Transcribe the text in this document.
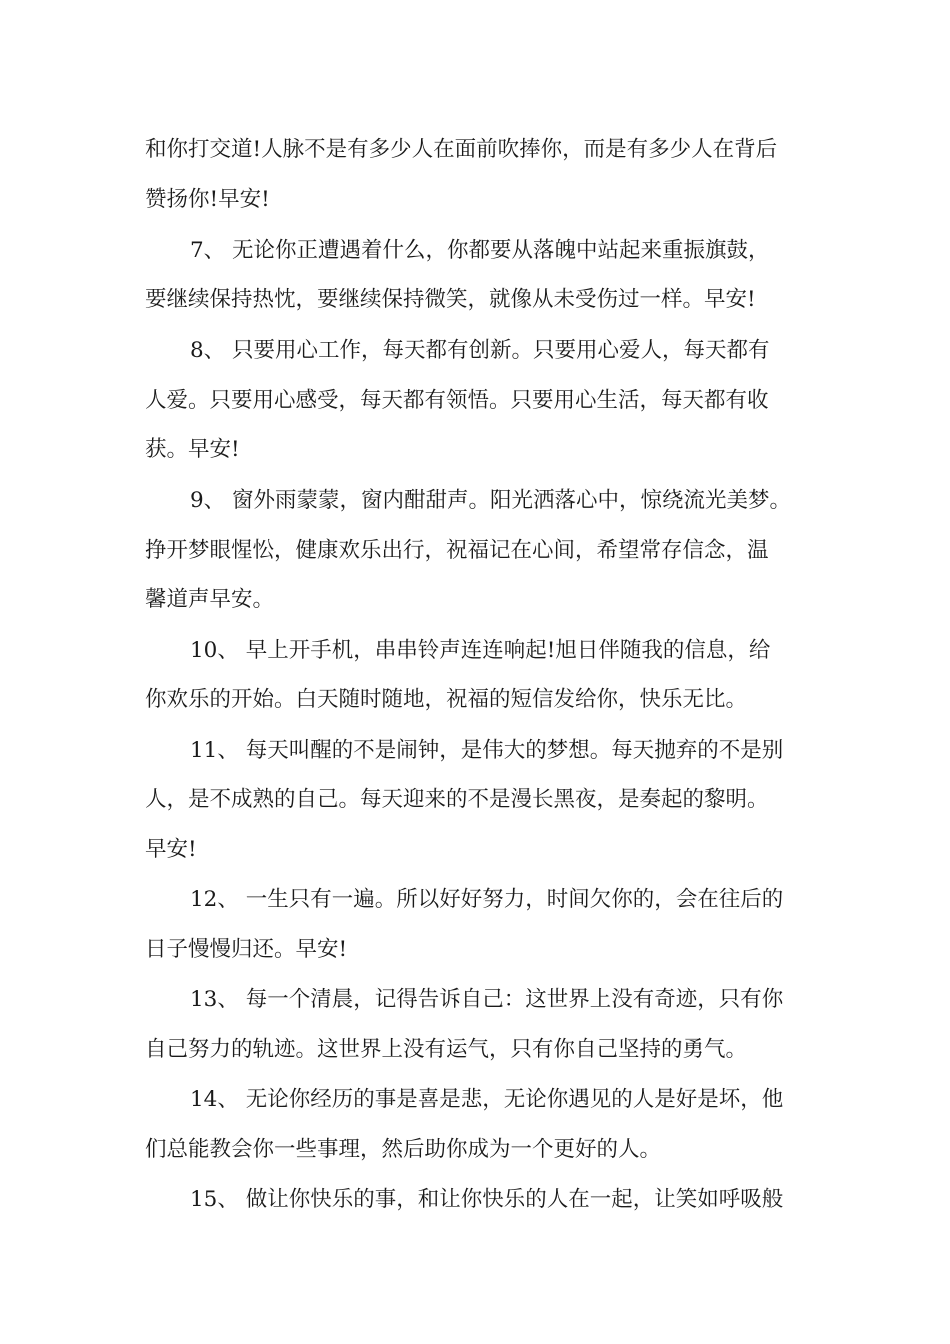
和你打交道!人脉不是有多少人在面前吹捧你，而是有多少人在背后
赞扬你!早安!
7、 无论你正遭遇着什么，你都要从落魄中站起来重振旗鼓，
要继续保持热忱，要继续保持微笑，就像从未受伤过一样。早安!
8、 只要用心工作，每天都有创新。只要用心爱人，每天都有
人爱。只要用心感受，每天都有领悟。只要用心生活，每天都有收
获。早安!
9、 窗外雨蒙蒙，窗内酣甜声。阳光洒落心中，惊绕流光美梦。
挣开梦眼惺忪，健康欢乐出行，祝福记在心间，希望常存信念，温
馨道声早安。
10、 早上开手机，串串铃声连连响起!旭日伴随我的信息，给
你欢乐的开始。白天随时随地，祝福的短信发给你，快乐无比。
11、 每天叫醒的不是闹钟，是伟大的梦想。每天抛弃的不是别
人，是不成熟的自己。每天迎来的不是漫长黑夜，是奏起的黎明。
早安!
12、 一生只有一遍。所以好好努力，时间欠你的，会在往后的
日子慢慢归还。早安!
13、 每一个清晨，记得告诉自己：这世界上没有奇迹，只有你
自己努力的轨迹。这世界上没有运气，只有你自己坚持的勇气。
14、 无论你经历的事是喜是悲，无论你遇见的人是好是坏，他
们总能教会你一些事理，然后助你成为一个更好的人。
15、 做让你快乐的事，和让你快乐的人在一起，让笑如呼吸般
